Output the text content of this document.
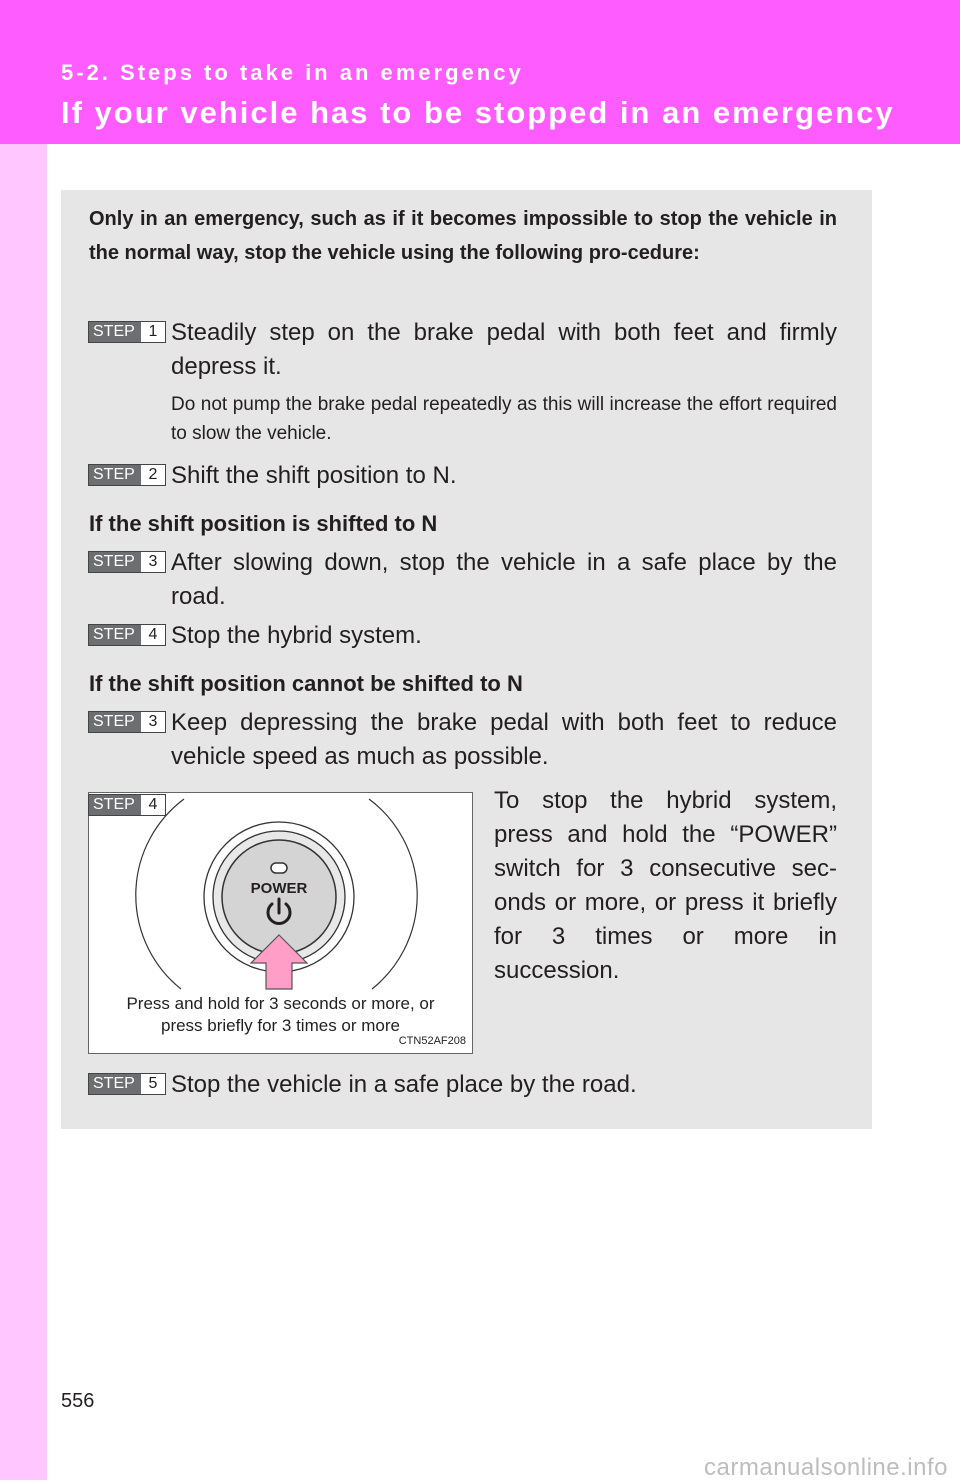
5-2. Steps to take in an emergency
If your vehicle has to be stopped in an emergency
Only in an emergency, such as if it becomes impossible to stop the vehicle in the normal way, stop the vehicle using the following pro-cedure:
STEP 1 Steadily step on the brake pedal with both feet and firmly depress it.
Do not pump the brake pedal repeatedly as this will increase the effort required to slow the vehicle.
STEP 2 Shift the shift position to N.
If the shift position is shifted to N
STEP 3 After slowing down, stop the vehicle in a safe place by the road.
STEP 4 Stop the hybrid system.
If the shift position cannot be shifted to N
STEP 3 Keep depressing the brake pedal with both feet to reduce vehicle speed as much as possible.
POWER
Press and hold for 3 seconds or more, or
press briefly for 3 times or more
CTN52AF208
STEP 4	To stop the hybrid system, press and hold the “POWER” switch for 3 consecutive sec-onds or more, or press it briefly for 3 times or more in succession.
STEP 5 Stop the vehicle in a safe place by the road.
556
carmanualsonline.info
